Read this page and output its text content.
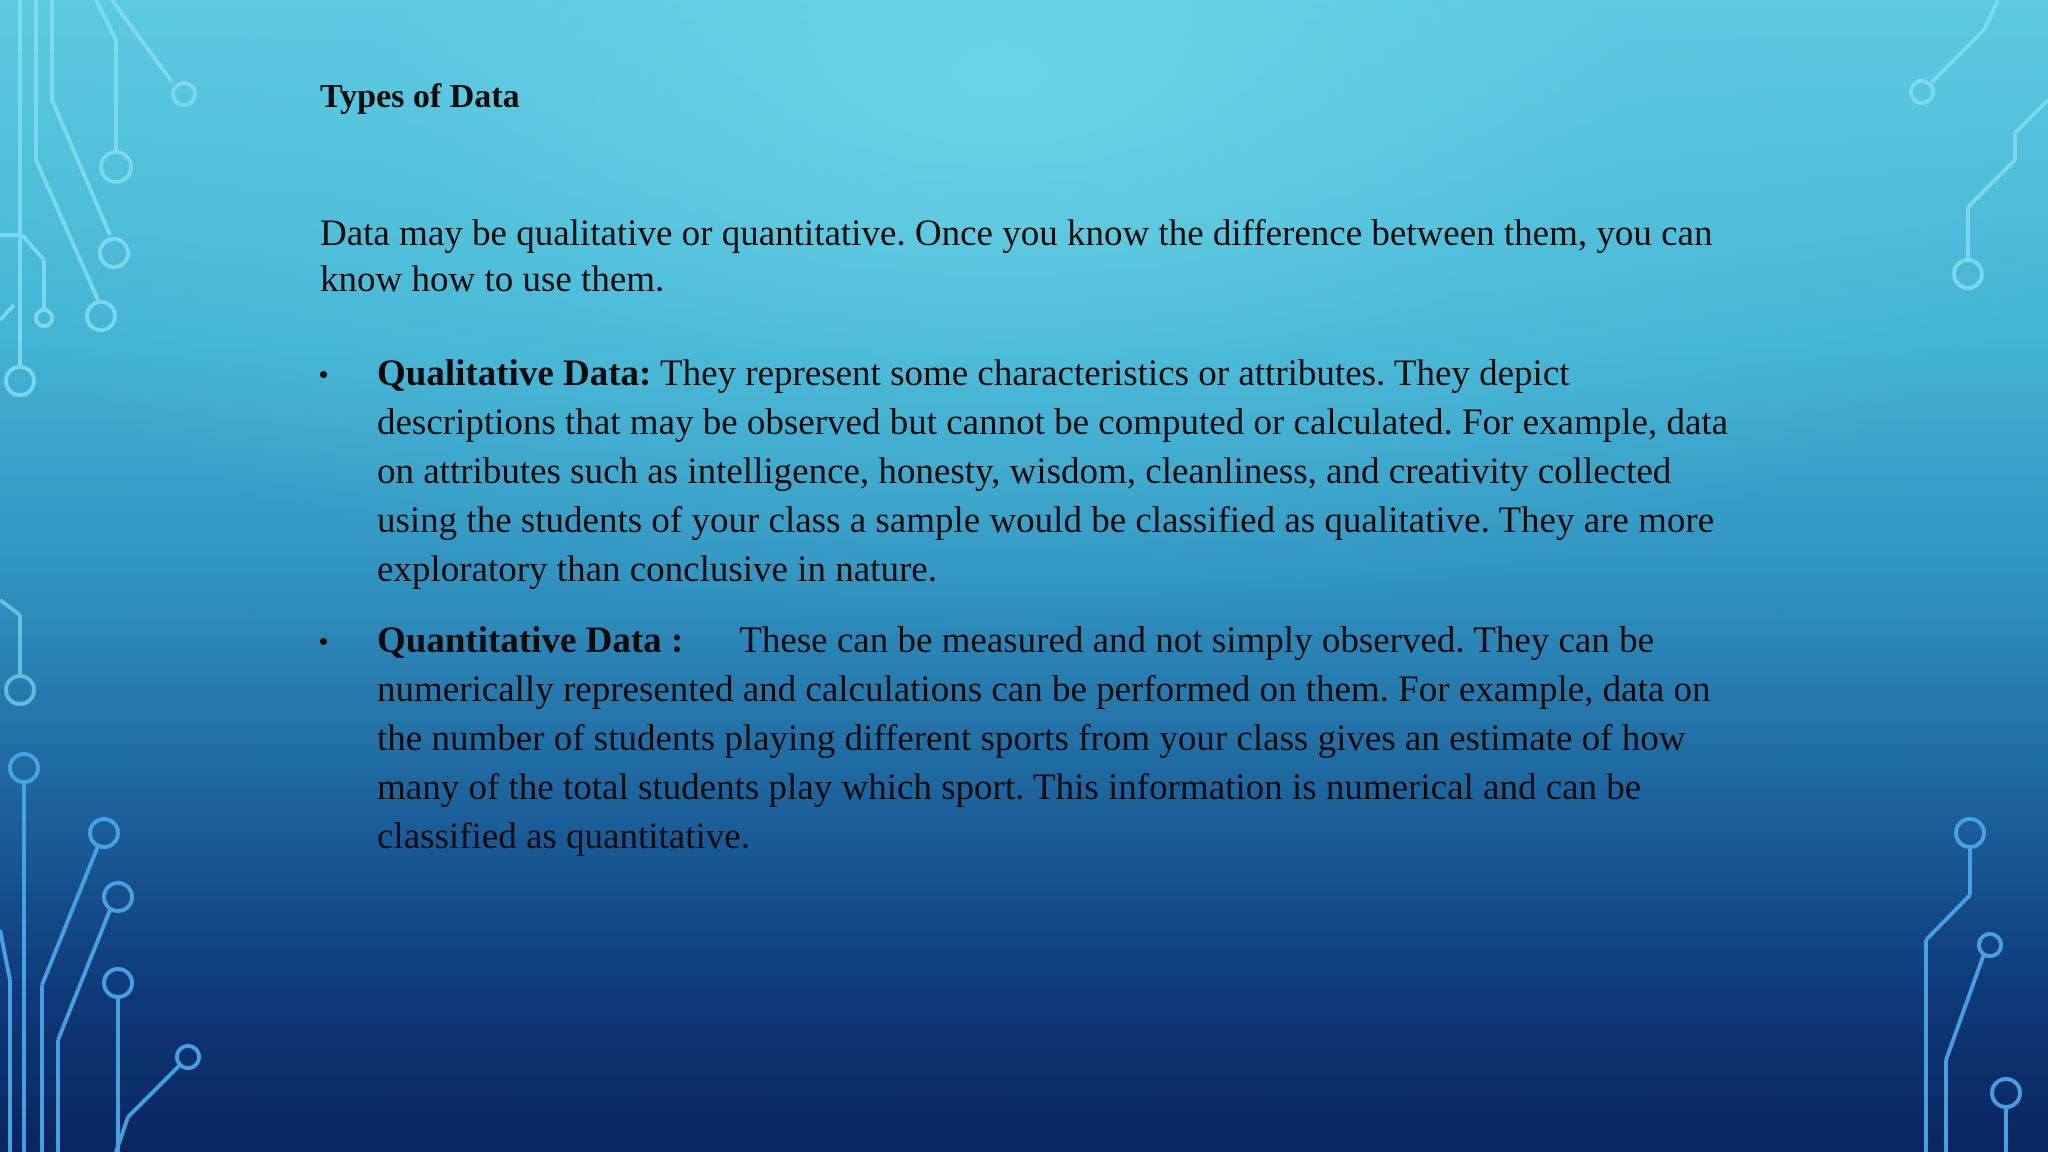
Types of Data

Data may be qualitative or quantitative. Once you know the difference between them, you can know how to use them.

Qualitative Data: They represent some characteristics or attributes. They depict descriptions that may be observed but cannot be computed or calculated. For example, data on attributes such as intelligence, honesty, wisdom, cleanliness, and creativity collected using the students of your class a sample would be classified as qualitative. They are more exploratory than conclusive in nature.
Quantitative Data : These can be measured and not simply observed. They can be numerically represented and calculations can be performed on them. For example, data on the number of students playing different sports from your class gives an estimate of how many of the total students play which sport. This information is numerical and can be classified as quantitative.
